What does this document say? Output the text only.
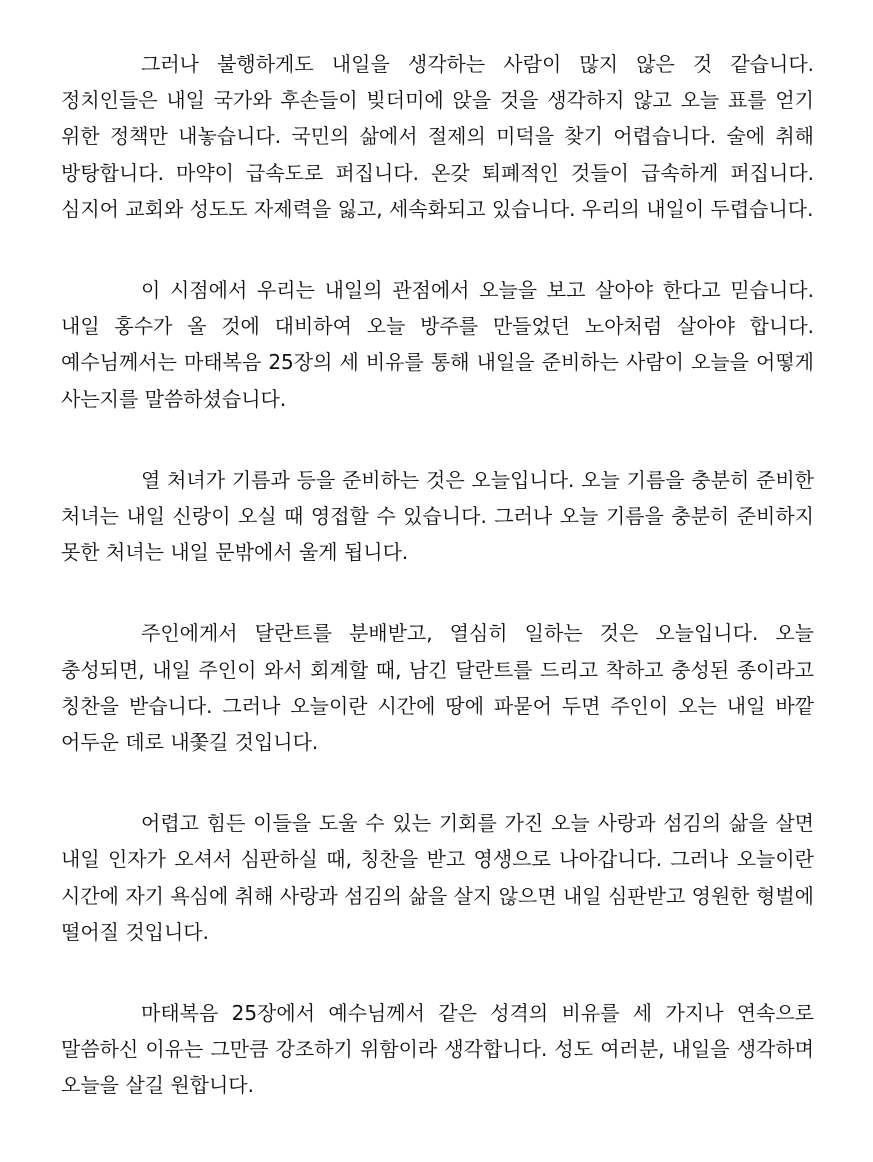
그러나 불행하게도 내일을 생각하는 사람이 많지 않은 것 같습니다. 정치인들은 내일 국가와 후손들이 빚더미에 앉을 것을 생각하지 않고 오늘 표를 얻기 위한 정책만 내놓습니다. 국민의 삶에서 절제의 미덕을 찾기 어렵습니다. 술에 취해 방탕합니다. 마약이 급속도로 퍼집니다. 온갖 퇴폐적인 것들이 급속하게 퍼집니다. 심지어 교회와 성도도 자제력을 잃고, 세속화되고 있습니다. 우리의 내일이 두렵습니다.

이 시점에서 우리는 내일의 관점에서 오늘을 보고 살아야 한다고 믿습니다. 내일 홍수가 올 것에 대비하여 오늘 방주를 만들었던 노아처럼 살아야 합니다. 예수님께서는 마태복음 25장의 세 비유를 통해 내일을 준비하는 사람이 오늘을 어떻게 사는지를 말씀하셨습니다.

열 처녀가 기름과 등을 준비하는 것은 오늘입니다. 오늘 기름을 충분히 준비한 처녀는 내일 신랑이 오실 때 영접할 수 있습니다. 그러나 오늘 기름을 충분히 준비하지 못한 처녀는 내일 문밖에서 울게 됩니다.

주인에게서 달란트를 분배받고, 열심히 일하는 것은 오늘입니다. 오늘 충성되면, 내일 주인이 와서 회계할 때, 남긴 달란트를 드리고 착하고 충성된 종이라고 칭찬을 받습니다. 그러나 오늘이란 시간에 땅에 파묻어 두면 주인이 오는 내일 바깥 어두운 데로 내쫓길 것입니다.

어렵고 힘든 이들을 도울 수 있는 기회를 가진 오늘 사랑과 섬김의 삶을 살면 내일 인자가 오셔서 심판하실 때, 칭찬을 받고 영생으로 나아갑니다. 그러나 오늘이란 시간에 자기 욕심에 취해 사랑과 섬김의 삶을 살지 않으면 내일 심판받고 영원한 형벌에 떨어질 것입니다.

마태복음 25장에서 예수님께서 같은 성격의 비유를 세 가지나 연속으로 말씀하신 이유는 그만큼 강조하기 위함이라 생각합니다. 성도 여러분, 내일을 생각하며 오늘을 살길 원합니다.
